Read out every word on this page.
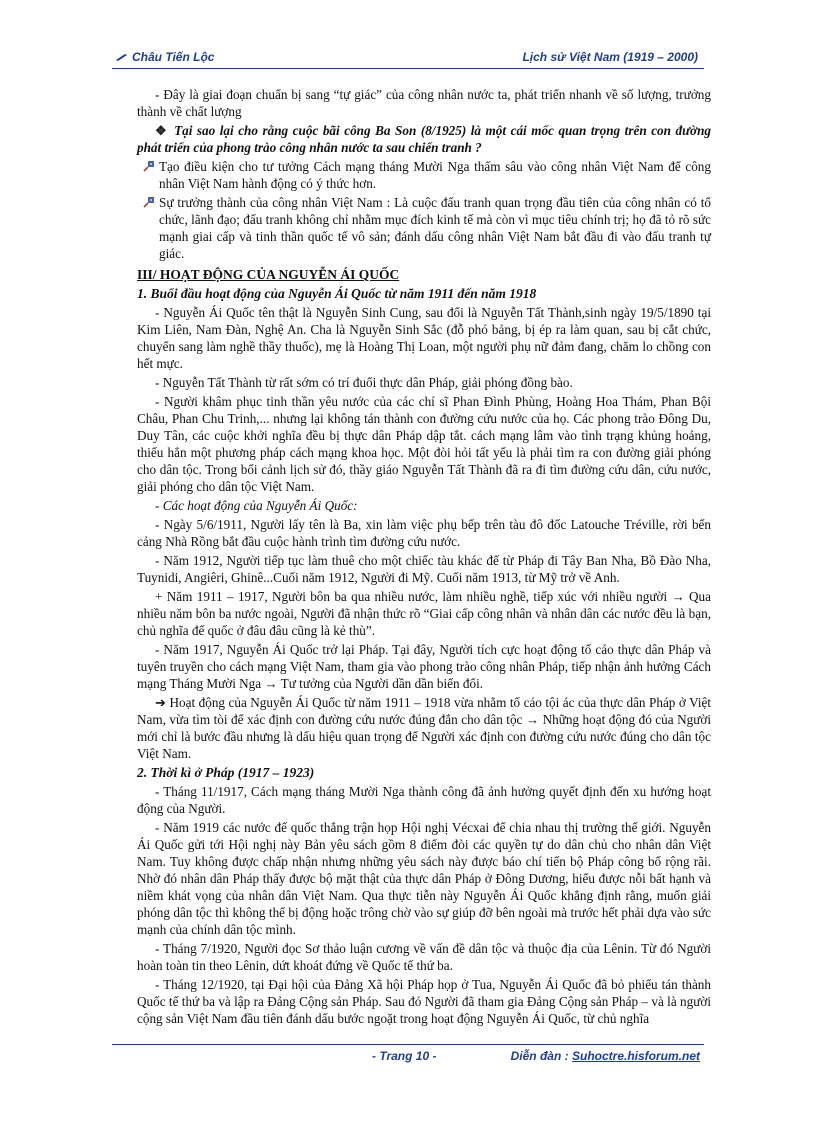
Châu Tiến Lộc	Lịch sử Việt Nam (1919 – 2000)

- Đây là giai đoạn chuẩn bị sang “tự giác” của công nhân nước ta, phát triển nhanh về số lượng, trưởng thành về chất lượng

❖ Tại sao lại cho rằng cuộc bãi công Ba Son (8/1925) là một cái mốc quan trọng trên con đường phát triển của phong trào công nhân nước ta sau chiến tranh ?

Tạo điều kiện cho tư tưởng Cách mạng tháng Mười Nga thấm sâu vào công nhân Việt Nam để công nhân Việt Nam hành động có ý thức hơn.

Sự trưởng thành của công nhân Việt Nam : Là cuộc đấu tranh quan trọng đầu tiên của công nhân có tổ chức, lãnh đạo; đấu tranh không chỉ nhằm mục đích kinh tế mà còn vì mục tiêu chính trị; họ đã tỏ rõ sức mạnh giai cấp và tinh thần quốc tế vô sản; đánh dấu công nhân Việt Nam bắt đầu đi vào đấu tranh tự giác.

III/ HOẠT ĐỘNG CỦA NGUYỄN ÁI QUỐC
1. Buổi đầu hoạt động của Nguyễn Ái Quốc từ năm 1911 đến năm 1918

- Nguyễn Ái Quốc tên thật là Nguyễn Sinh Cung, sau đổi là Nguyễn Tất Thành,sinh ngày 19/5/1890 tại Kim Liên, Nam Đàn, Nghệ An. Cha là Nguyễn Sinh Sắc (đỗ phó bảng, bị ép ra làm quan, sau bị cắt chức, chuyển sang làm nghề thầy thuốc), mẹ là Hoàng Thị Loan, một người phụ nữ đảm đang, chăm lo chồng con hết mực.

- Nguyễn Tất Thành từ rất sớm có trí đuổi thực dân Pháp, giải phóng đồng bào.

- Người khâm phục tinh thần yêu nước của các chí sĩ Phan Đình Phùng, Hoàng Hoa Thám, Phan Bội Châu, Phan Chu Trinh,... nhưng lại không tán thành con đường cứu nước của họ. Các phong trào Đông Du, Duy Tân, các cuộc khởi nghĩa đều bị thực dân Pháp dập tắt. cách mạng lâm vào tình trạng khủng hoảng, thiếu hẳn một phương pháp cách mạng khoa học. Một đòi hỏi tất yếu là phải tìm ra con đường giải phóng cho dân tộc. Trong bối cảnh lịch sử đó, thầy giáo Nguyễn Tất Thành đã ra đi tìm đường cứu dân, cứu nước, giải phóng cho dân tộc Việt Nam.

- Các hoạt động của Nguyễn Ái Quốc:

- Ngày 5/6/1911, Người lấy tên là Ba, xin làm việc phụ bếp trên tàu đô đốc Latouche Tréville, rời bến cảng Nhà Rồng bắt đầu cuộc hành trình tìm đường cứu nước.

- Năm 1912, Người tiếp tục làm thuê cho một chiếc tàu khác để từ Pháp đi Tây Ban Nha, Bồ Đào Nha, Tuynidi, Angiêri, Ghinê...Cuối năm 1912, Người đi Mỹ. Cuối năm 1913, từ Mỹ trở về Anh.

+ Năm 1911 – 1917, Người bôn ba qua nhiều nước, làm nhiều nghề, tiếp xúc với nhiều người → Qua nhiều năm bôn ba nước ngoài, Người đã nhận thức rõ “Giai cấp công nhân và nhân dân các nước đều là bạn, chủ nghĩa đế quốc ở đâu đâu cũng là kẻ thù”.

- Năm 1917, Nguyễn Ái Quốc trở lại Pháp. Tại đây, Người tích cực hoạt động tố cáo thực dân Pháp và tuyên truyền cho cách mạng Việt Nam, tham gia vào phong trào công nhân Pháp, tiếp nhận ảnh hưởng Cách mạng Tháng Mười Nga → Tư tưởng của Người dần dần biến đổi.

➔ Hoạt động của Nguyễn Ái Quốc từ năm 1911 – 1918 vừa nhằm tố cáo tội ác của thực dân Pháp ở Việt Nam, vừa tìm tòi để xác định con đường cứu nước đúng đắn cho dân tộc → Những hoạt động đó của Người mới chỉ là bước đầu nhưng là dấu hiệu quan trọng để Người xác định con đường cứu nước đúng cho dân tộc Việt Nam.

2. Thời kì ở Pháp (1917 – 1923)

- Tháng 11/1917, Cách mạng tháng Mười Nga thành công đã ảnh hưởng quyết định đến xu hướng hoạt động của Người.

- Năm 1919 các nước đế quốc thắng trận họp Hội nghị Vécxai để chia nhau thị trường thế giới. Nguyễn Ái Quốc gửi tới Hội nghị này Bản yêu sách gồm 8 điểm đòi các quyền tự do dân chủ cho nhân dân Việt Nam. Tuy không được chấp nhận nhưng những yêu sách này được báo chí tiến bộ Pháp công bố rộng rãi. Nhờ đó nhân dân Pháp thấy được bộ mặt thật của thực dân Pháp ở Đông Dương, hiểu được nỗi bất hạnh và niềm khát vọng của nhân dân Việt Nam. Qua thực tiễn này Nguyễn Ái Quốc khẳng định rằng, muốn giải phóng dân tộc thì không thể bị động hoặc trông chờ vào sự giúp đỡ bên ngoài mà trước hết phải dựa vào sức mạnh của chính dân tộc mình.

- Tháng 7/1920, Người đọc Sơ thảo luận cương về vấn đề dân tộc và thuộc địa của Lênin. Từ đó Người hoàn toàn tin theo Lênin, dứt khoát đứng về Quốc tế thứ ba.

- Tháng 12/1920, tại Đại hội của Đảng Xã hội Pháp họp ở Tua, Nguyễn Ái Quốc đã bỏ phiếu tán thành Quốc tế thứ ba và lập ra Đảng Cộng sản Pháp. Sau đó Người đã tham gia Đảng Cộng sản Pháp – và là người cộng sản Việt Nam đầu tiên đánh dấu bước ngoặt trong hoạt động Nguyễn Ái Quốc, từ chủ nghĩa

- Trang 10 -	Diễn đàn : Suhoctre.hisforum.net
